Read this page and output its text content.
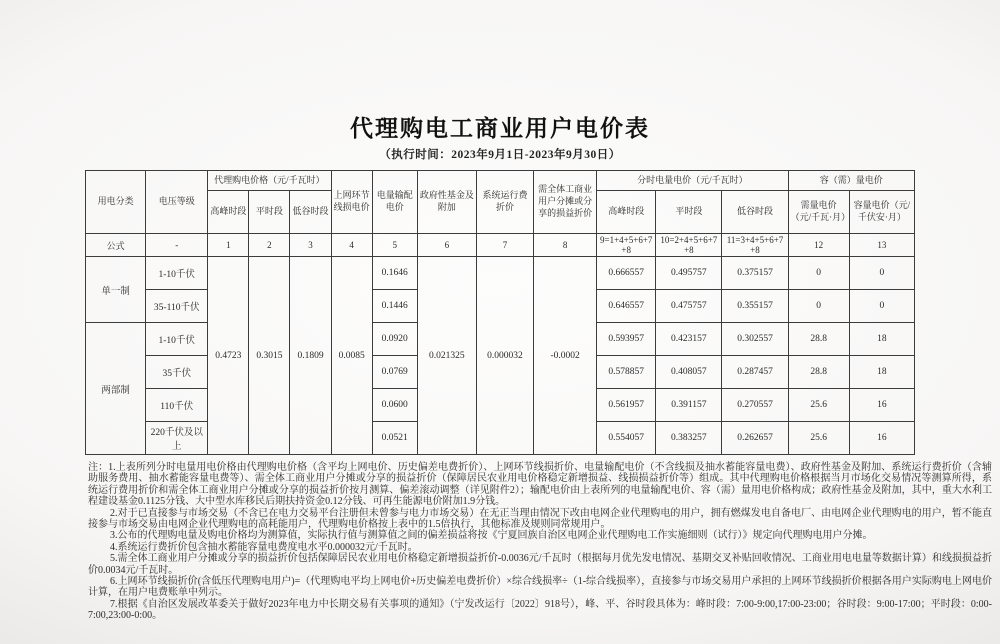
代理购电工商业用户电价表
（执行时间：2023年9月1日-2023年9月30日）
用电分类	电压等级	代理购电价格（元/千瓦时）			上网环节线损电价	电量输配电价	政府性基金及附加	系统运行费折价	需全体工商业用户分摊或分享的损益折价	分时电量电价（元/千瓦时）			容（需）量电价	
		高峰时段	平时段	低谷时段						高峰时段	平时段	低谷时段	需量电价（元/千瓦·月）	容量电价（元/千伏安·月）
公式	-	1	2	3	4	5	6	7	8	9=1+4+5+6+7+8	10=2+4+5+6+7+8	11=3+4+5+6+7+8	12	13
单一制	1-10千伏	0.4723	0.3015	0.1809	0.0085	0.1646	0.021325	0.000032	-0.0002	0.666557	0.495757	0.375157	0	0
	35-110千伏					0.1446				0.646557	0.475757	0.355157	0	0
两部制	1-10千伏					0.0920				0.593957	0.423157	0.302557	28.8	18
	35千伏					0.0769				0.578857	0.408057	0.287457	28.8	18
	110千伏					0.0600				0.561957	0.391157	0.270557	25.6	16
	220千伏及以上					0.0521				0.554057	0.383257	0.262657	25.6	16

注：1.上表所列分时电量用电价格由代理购电价格（含平均上网电价、历史偏差电费折价）、上网环节线损折价、电量输配电价（不含线损及抽水蓄能容量电费）、政府性基金及附加、系统运行费折价（含辅助服务费用、抽水蓄能容量电费等）、需全体工商业用户分摊或分享的损益折价（保障居民农业用电价格稳定新增损益、线损损益折价等）组成。其中代理购电价格根据当月市场化交易情况等测算所得，系统运行费用折价和需全体工商业用户分摊或分享的损益折价按月测算、偏差滚动调整（详见附件2）；输配电价由上表所列的电量输配电价、容（需）量用电价格构成；政府性基金及附加，其中，重大水利工程建设基金0.1125分钱、大中型水库移民后期扶持资金0.12分钱、可再生能源电价附加1.9分钱。

2.对于已直接参与市场交易（不含已在电力交易平台注册但未曾参与电力市场交易）在无正当理由情况下改由电网企业代理购电的用户，拥有燃煤发电自备电厂、由电网企业代理购电的用户，暂不能直接参与市场交易由电网企业代理购电的高耗能用户，代理购电价格按上表中的1.5倍执行，其他标准及规则同常规用户。

3.公布的代理购电量及购电价格均为测算值，实际执行值与测算值之间的偏差损益将按《宁夏回族自治区电网企业代理购电工作实施细则（试行）》规定向代理购电用户分摊。

4.系统运行费折价包含抽水蓄能容量电费度电水平0.000032元/千瓦时。

5.需全体工商业用户分摊或分享的损益折价包括保障居民农业用电价格稳定新增损益折价-0.0036元/千瓦时（根据每月优先发电情况、基期交叉补贴回收情况、工商业用电电量等数据计算）和线损损益折价0.0034元/千瓦时。

6.上网环节线损折价(含低压代理购电用户)=（代理购电平均上网电价+历史偏差电费折价）×综合线损率÷（1-综合线损率），直接参与市场交易用户承担的上网环节线损折价根据各用户实际购电上网电价计算，在用户电费账单中列示。

7.根据《自治区发展改革委关于做好2023年电力中长期交易有关事项的通知》（宁发改运行〔2022〕918号），峰、平、谷时段具体为：峰时段：7:00-9:00,17:00-23:00；谷时段：9:00-17:00；平时段：0:00-7:00,23:00-0:00。
